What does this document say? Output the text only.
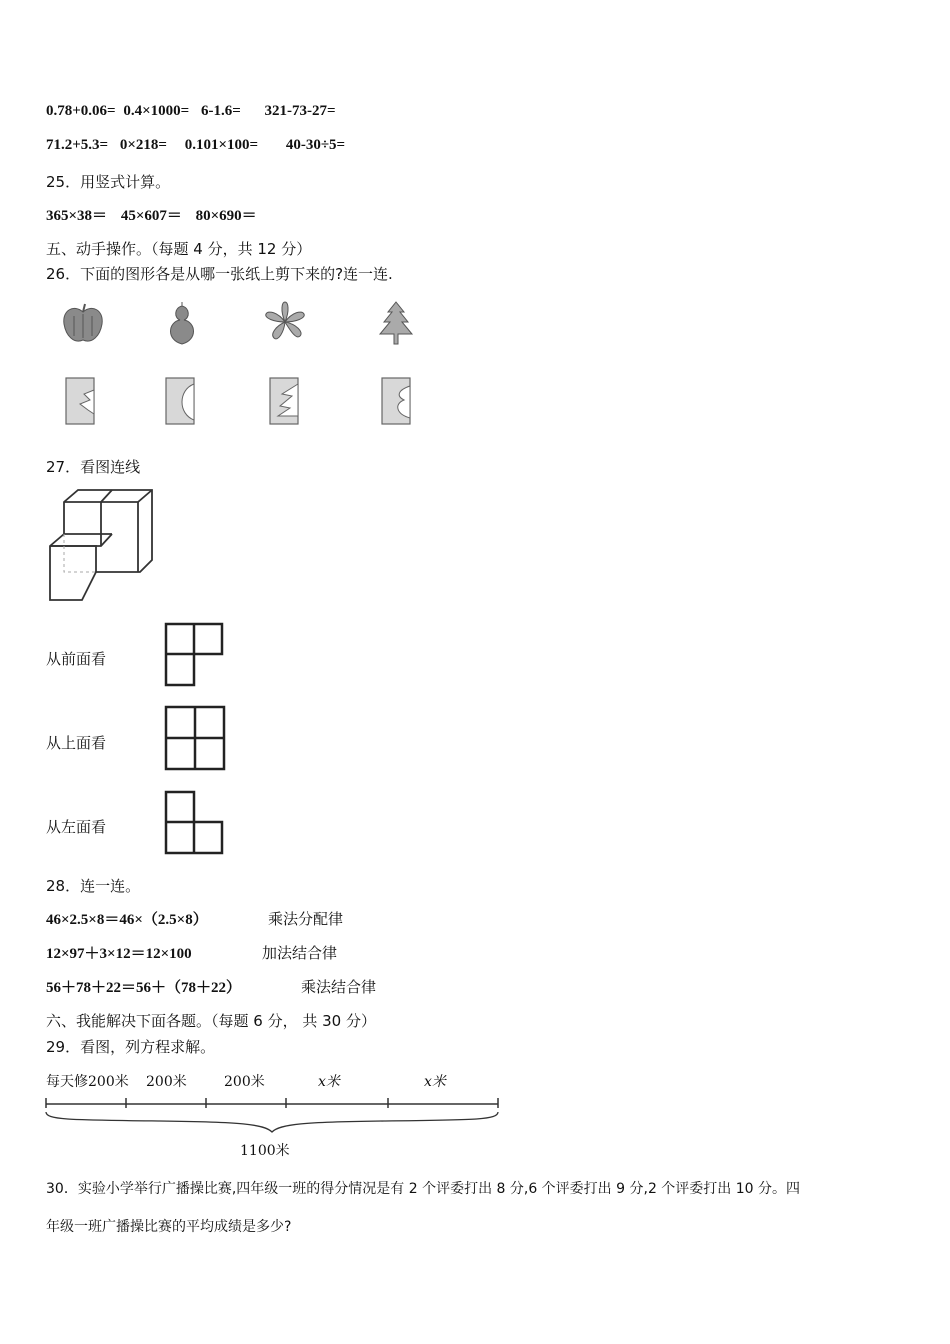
0.78+0.06= 0.4×1000= 6-1.6= 321-73-27=
71.2+5.3= 0×218= 0.101×100= 40-30÷5=
25．用竖式计算。
365×38＝ 45×607＝ 80×690＝
五、动手操作。（每题 4 分，共 12 分）
26．下面的图形各是从哪一张纸上剪下来的?连一连.
27．看图连线
从前面看
从上面看
从左面看
28．连一连。
46×2.5×8＝46×（2.5×8）	乘法分配律
12×97＋3×12＝12×100	加法结合律
56＋78＋22＝56＋（78＋22）	乘法结合律
六、我能解决下面各题。（每题 6 分， 共 30 分）
29．看图，列方程求解。
每天修200米 200米	200米	x米	x米
1100米
30．实验小学举行广播操比赛,四年级一班的得分情况是有 2 个评委打出 8 分,6 个评委打出 9 分,2 个评委打出 10 分。四
年级一班广播操比赛的平均成绩是多少?
